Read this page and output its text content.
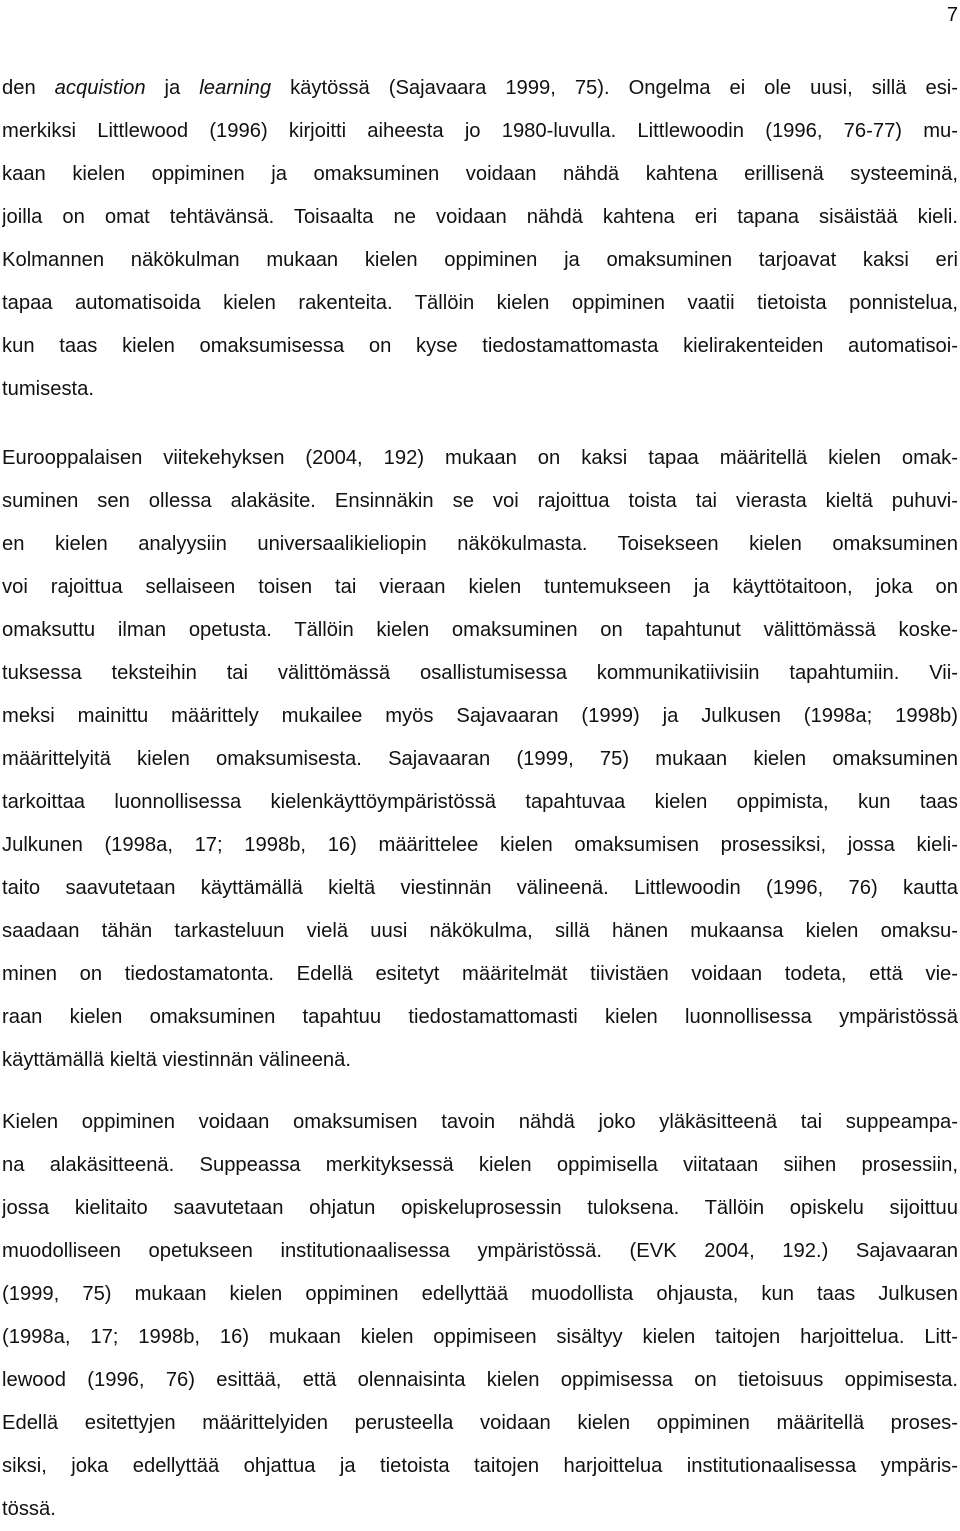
7
den acquistion ja learning käytössä (Sajavaara 1999, 75). Ongelma ei ole uusi, sillä esi-
merkiksi Littlewood (1996) kirjoitti aiheesta jo 1980-luvulla. Littlewoodin (1996, 76-77) mu-
kaan kielen oppiminen ja omaksuminen voidaan nähdä kahtena erillisenä systeeminä,
joilla on omat tehtävänsä. Toisaalta ne voidaan nähdä kahtena eri tapana sisäistää kieli.
Kolmannen näkökulman mukaan kielen oppiminen ja omaksuminen tarjoavat kaksi eri
tapaa automatisoida kielen rakenteita. Tällöin kielen oppiminen vaatii tietoista ponnistelua,
kun taas kielen omaksumisessa on kyse tiedostamattomasta kielirakenteiden automatisoi-
tumisesta.
Eurooppalaisen viitekehyksen (2004, 192) mukaan on kaksi tapaa määritellä kielen omak-
suminen sen ollessa alakäsite. Ensinnäkin se voi rajoittua toista tai vierasta kieltä puhuvi-
en kielen analyysiin universaalikieliopin näkökulmasta. Toisekseen kielen omaksuminen
voi rajoittua sellaiseen toisen tai vieraan kielen tuntemukseen ja käyttötaitoon, joka on
omaksuttu ilman opetusta. Tällöin kielen omaksuminen on tapahtunut välittömässä koske-
tuksessa teksteihin tai välittömässä osallistumisessa kommunikatiivisiin tapahtumiin. Vii-
meksi mainittu määrittely mukailee myös Sajavaaran (1999) ja Julkusen (1998a; 1998b)
määrittelyitä kielen omaksumisesta. Sajavaaran (1999, 75) mukaan kielen omaksuminen
tarkoittaa luonnollisessa kielenkäyttöympäristössä tapahtuvaa kielen oppimista, kun taas
Julkunen (1998a, 17; 1998b, 16) määrittelee kielen omaksumisen prosessiksi, jossa kieli-
taito saavutetaan käyttämällä kieltä viestinnän välineenä. Littlewoodin (1996, 76) kautta
saadaan tähän tarkasteluun vielä uusi näkökulma, sillä hänen mukaansa kielen omaksu-
minen on tiedostamatonta. Edellä esitetyt määritelmät tiivistäen voidaan todeta, että vie-
raan kielen omaksuminen tapahtuu tiedostamattomasti kielen luonnollisessa ympäristössä
käyttämällä kieltä viestinnän välineenä.
Kielen oppiminen voidaan omaksumisen tavoin nähdä joko yläkäsitteenä tai suppeampa-
na alakäsitteenä. Suppeassa merkityksessä kielen oppimisella viitataan siihen prosessiin,
jossa kielitaito saavutetaan ohjatun opiskeluprosessin tuloksena. Tällöin opiskelu sijoittuu
muodolliseen opetukseen institutionaalisessa ympäristössä. (EVK 2004, 192.) Sajavaaran
(1999, 75) mukaan kielen oppiminen edellyttää muodollista ohjausta, kun taas Julkusen
(1998a, 17; 1998b, 16) mukaan kielen oppimiseen sisältyy kielen taitojen harjoittelua. Litt-
lewood (1996, 76) esittää, että olennaisinta kielen oppimisessa on tietoisuus oppimisesta.
Edellä esitettyjen määrittelyiden perusteella voidaan kielen oppiminen määritellä proses-
siksi, joka edellyttää ohjattua ja tietoista taitojen harjoittelua institutionaalisessa ympäris-
tössä.
